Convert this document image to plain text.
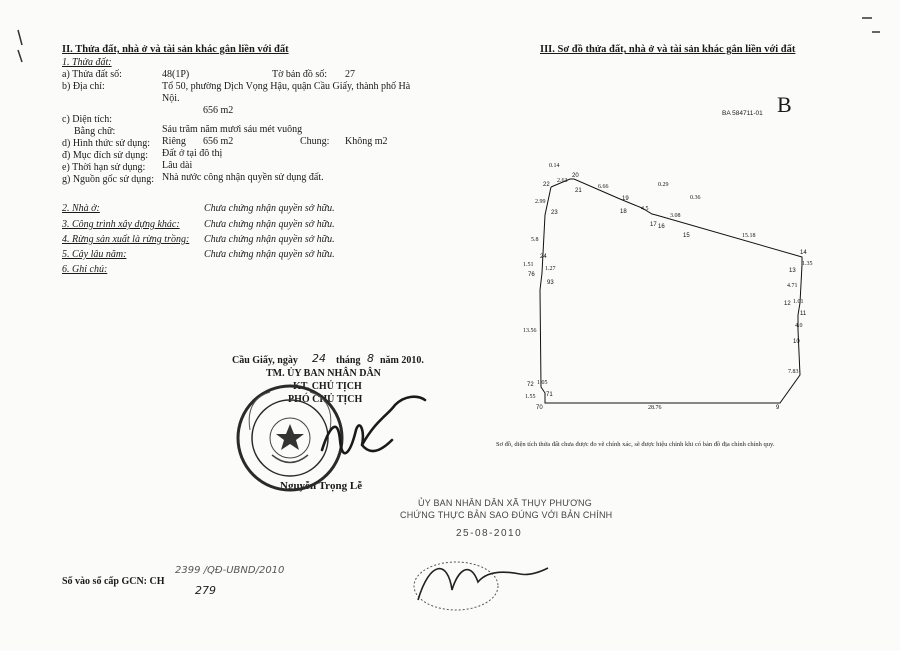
II. Thửa đất, nhà ở và tài sản khác gắn liền với đất
1. Thửa đất:
a) Thửa đất số:	48(1P)	Tờ bản đồ số: 27
b) Địa chỉ:	Tổ 50, phường Dịch Vọng Hậu, quận Cầu Giấy, thành phố Hà
Nội.
656 m2
c) Diện tích:
Bằng chữ:	Sáu trăm năm mươi sáu mét vuông
d) Hình thức sử dụng: Riêng 656 m2	Chung: Không m2
đ) Mục đích sử dụng: Đất ở tại đô thị
e) Thời hạn sử dụng: Lâu dài
g) Nguồn gốc sử dụng: Nhà nước công nhận quyền sử dụng đất.
2. Nhà ở:	Chưa chứng nhận quyền sở hữu.
3. Công trình xây dựng khác: Chưa chứng nhận quyền sở hữu.
4. Rừng sản xuất là rừng trồng: Chưa chứng nhận quyền sở hữu.
5. Cây lâu năm:	Chưa chứng nhận quyền sở hữu.
6. Ghi chú:
Cầu Giấy, ngày 24 tháng 8 năm 2010.
TM. ỦY BAN NHÂN DÂN
KT. CHỦ TỊCH
PHÓ CHỦ TỊCH
Nguyễn Trọng Lễ
Số vào sổ cấp GCN: CH
2399 /QĐ-UBND/2010
279
III. Sơ đồ thửa đất, nhà ở và tài sản khác gắn liền với đất
BA 584711-01 B
Sơ đồ, diện tích thửa đất chưa được đo vẽ chính xác, sẽ được hiệu chỉnh khi có bản đồ địa chính chính quy.
ỦY BAN NHÂN DÂN XÃ THỤY PHƯƠNG
CHỨNG THỰC BẢN SAO ĐÚNG VỚI BẢN CHÍNH
25-08-2010
22
20
21
19
18
17 16
15
14
13
12
11
10
9
70
71
72
93
76
24
23
0.14
2.63
6.66	0.29
0.36
4.5
3.08
15.18
1.35
4.71
1.01
4.0
7.83
28.76
1.05
1.55
13.56
1.27
1.51
5.8
2.99
